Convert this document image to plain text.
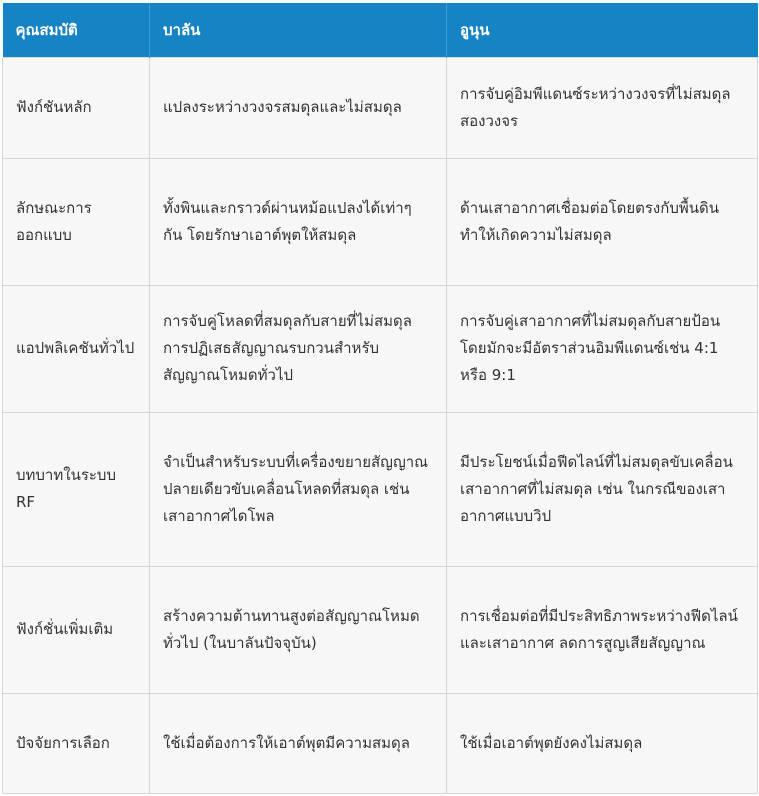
คุณสมบัติ	บาลัน	อูนุน
ฟังก์ชันหลัก	แปลงระหว่างวงจรสมดุลและไม่สมดุล	การจับคู่อิมพีแดนซ์ระหว่างวงจรที่ไม่สมดุลสองวงจร
ลักษณะการออกแบบ	ทั้งพินและกราวด์ผ่านหม้อแปลงได้เท่าๆ กัน โดยรักษาเอาต์พุตให้สมดุล	ด้านเสาอากาศเชื่อมต่อโดยตรงกับพื้นดิน ทำให้เกิดความไม่สมดุล
แอปพลิเคชันทั่วไป	การจับคู่โหลดที่สมดุลกับสายที่ไม่สมดุล การปฏิเสธสัญญาณรบกวนสำหรับสัญญาณโหมดทั่วไป	การจับคู่เสาอากาศที่ไม่สมดุลกับสายป้อน โดยมักจะมีอัตราส่วนอิมพีแดนซ์เช่น 4:1 หรือ 9:1
บทบาทในระบบ RF	จำเป็นสำหรับระบบที่เครื่องขยายสัญญาณปลายเดียวขับเคลื่อนโหลดที่สมดุล เช่น เสาอากาศไดโพล	มีประโยชน์เมื่อฟีดไลน์ที่ไม่สมดุลขับเคลื่อนเสาอากาศที่ไม่สมดุล เช่น ในกรณีของเสาอากาศแบบวิป
ฟังก์ชั่นเพิ่มเติม	สร้างความต้านทานสูงต่อสัญญาณโหมดทั่วไป (ในบาลันปัจจุบัน)	การเชื่อมต่อที่มีประสิทธิภาพระหว่างฟีดไลน์และเสาอากาศ ลดการสูญเสียสัญญาณ
ปัจจัยการเลือก	ใช้เมื่อต้องการให้เอาต์พุตมีความสมดุล	ใช้เมื่อเอาต์พุตยังคงไม่สมดุล
